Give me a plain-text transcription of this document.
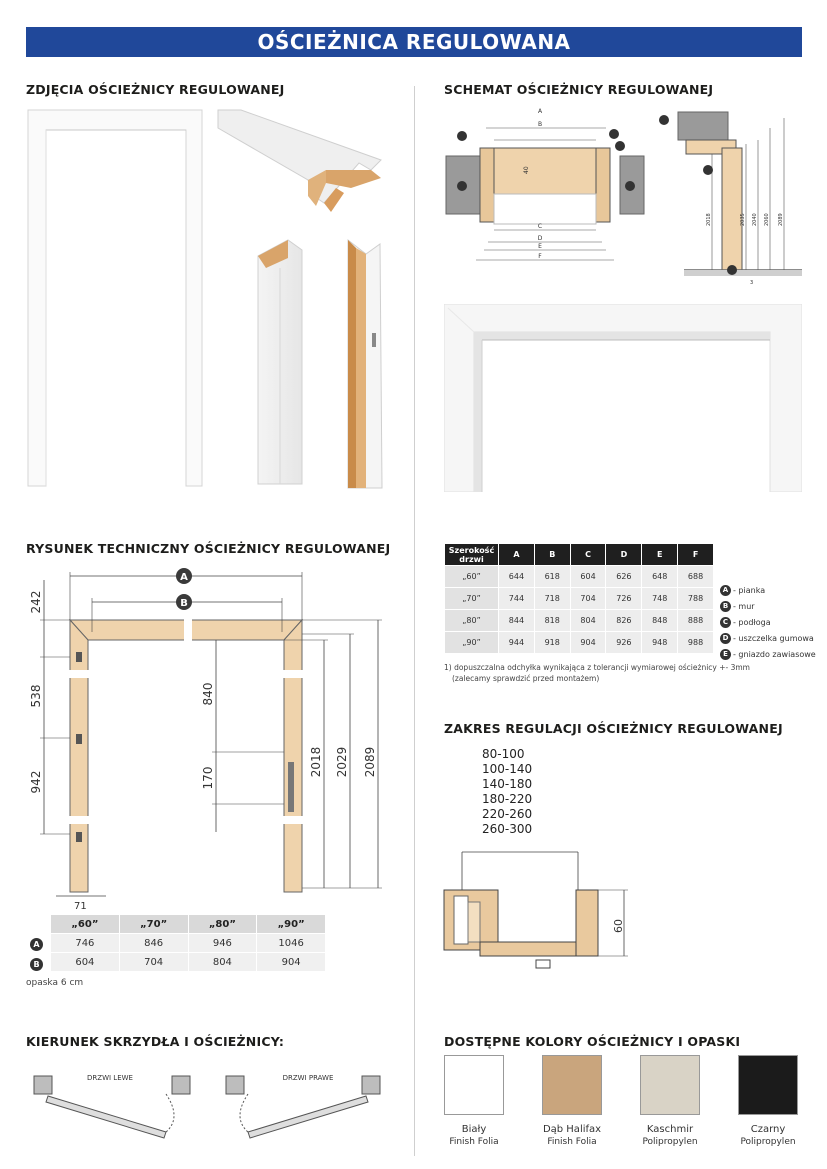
OŚCIEŻNICA REGULOWANA
ZDJĘCIA OŚCIEŻNICY REGULOWANEJ	SCHEMAT OŚCIEŻNICY REGULOWANEJ
RYSUNEK TECHNICZNY OŚCIEŻNICY REGULOWANEJ
ZAKRES REGULACJI OŚCIEŻNICY REGULOWANEJ
KIERUNEK SKRZYDŁA I OŚCIEŻNICY:	DOSTĘPNE KOLORY OŚCIEŻNICY I OPASKI
A
B
C
D
E
F
40
2018	2035 2040 2060 2089
3
Szerokość
drzwi	A	B	C	D	E	F
„60”	644	618	604	626	648	688
„70”	744	718	704	726	748	788
„80”	844	818	804	826	848	888
„90”	944	918	904	926	948	988
A - pianka
B - mur
C - podłoga
D - uszczelka gumowa
E - gniazdo zawiasowe
1) dopuszczalna odchyłka wynikająca z tolerancji wymiarowej ościeżnicy +- 3mm
(zalecamy sprawdzić przed montażem)
80-100
100-140
140-180
180-220
220-260
260-300
60
A
B
242
538
942
840
170
2018 2029 2089
71
„60”	„70”	„80”	„90”
746	846	946	1046
604	704	804	904
A
B
opaska 6 cm
DRZWI LEWE	DRZWI PRAWE
Biały	Dąb Halifax	Kaschmir	Czarny
Finish Folia	Finish Folia	Polipropylen	Polipropylen
